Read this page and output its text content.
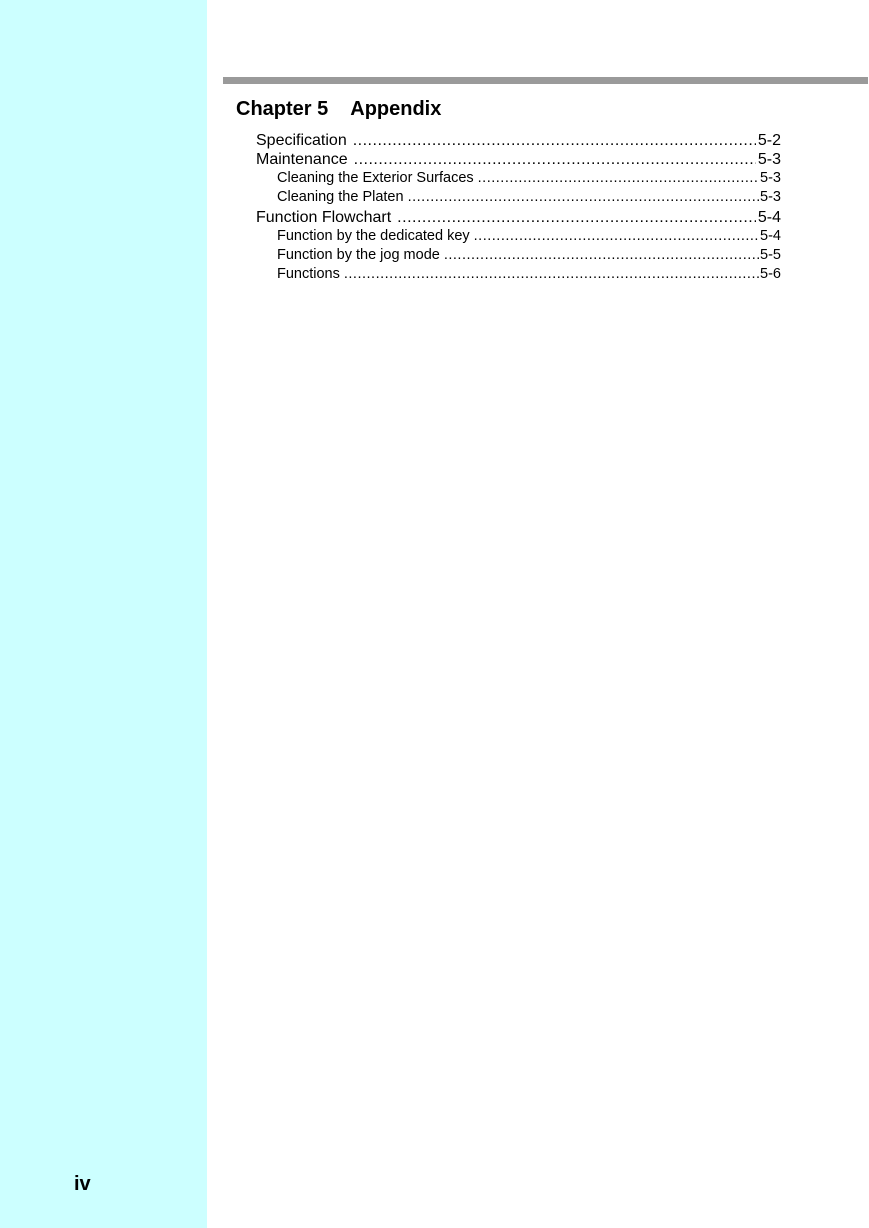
iv
Chapter 5 Appendix
Specification .....	5-2
Maintenance .....	5-3
Cleaning the Exterior Surfaces .....	5-3
Cleaning the Platen .....	5-3
Function Flowchart .....	5-4
Function by the dedicated key .....	5-4
Function by the jog mode .....	5-5
Functions .....	5-6
